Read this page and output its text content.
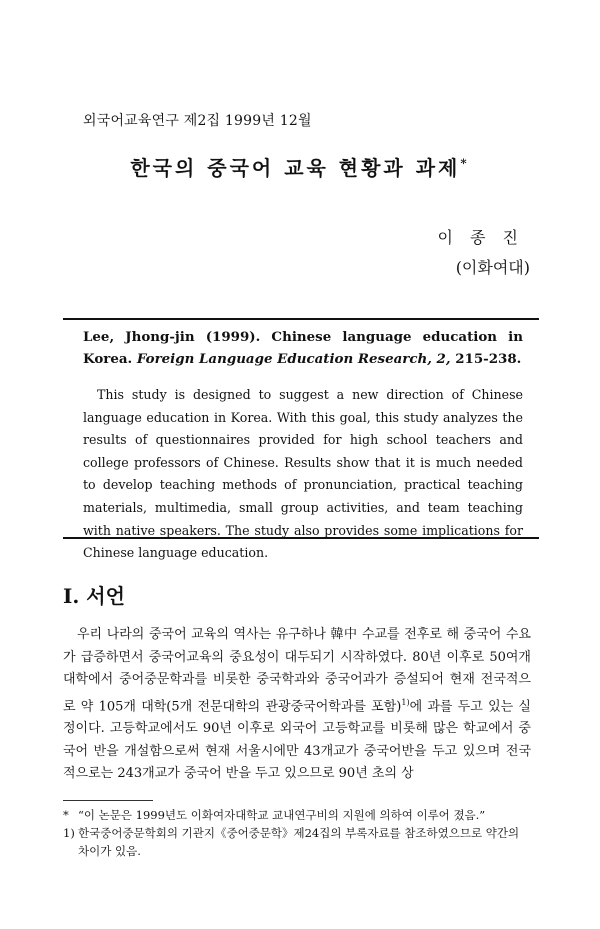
외국어교육연구 제2집 1999년 12월
한국의 중국어 교육 현황과 과제*
이 종 진
(이화여대)
Lee, Jhong-jin (1999). Chinese language education in Korea. Foreign Language Education Research, 2, 215-238.
This study is designed to suggest a new direction of Chinese language education in Korea. With this goal, this study analyzes the results of questionnaires provided for high school teachers and college professors of Chinese. Results show that it is much needed to develop teaching methods of pronunciation, practical teaching materials, multimedia, small group activities, and team teaching with native speakers. The study also provides some implications for Chinese language education.
I. 서언
우리 나라의 중국어 교육의 역사는 유구하나 韓中 수교를 전후로 해 중국어 수요가 급증하면서 중국어교육의 중요성이 대두되기 시작하였다. 80년 이후로 50여개 대학에서 중어중문학과를 비롯한 중국학과와 중국어과가 증설되어 현재 전국적으로 약 105개 대학(5개 전문대학의 관광중국어학과를 포함)$^{1)}$에 과를 두고 있는 실정이다. 고등학교에서도 90년 이후로 외국어 고등학교를 비롯해 많은 학교에서 중국어 반을 개설함으로써 현재 서울시에만 43개교가 중국어반을 두고 있으며 전국적으로는 243개교가 중국어 반을 두고 있으므로 90년 초의 상
* “이 논문은 1999년도 이화여자대학교 교내연구비의 지원에 의하여 이루어 졌음.”
1) 한국중어중문학회의 기관지《중어중문학》제24집의 부록자료를 참조하였으므로 약간의 차이가 있음.
